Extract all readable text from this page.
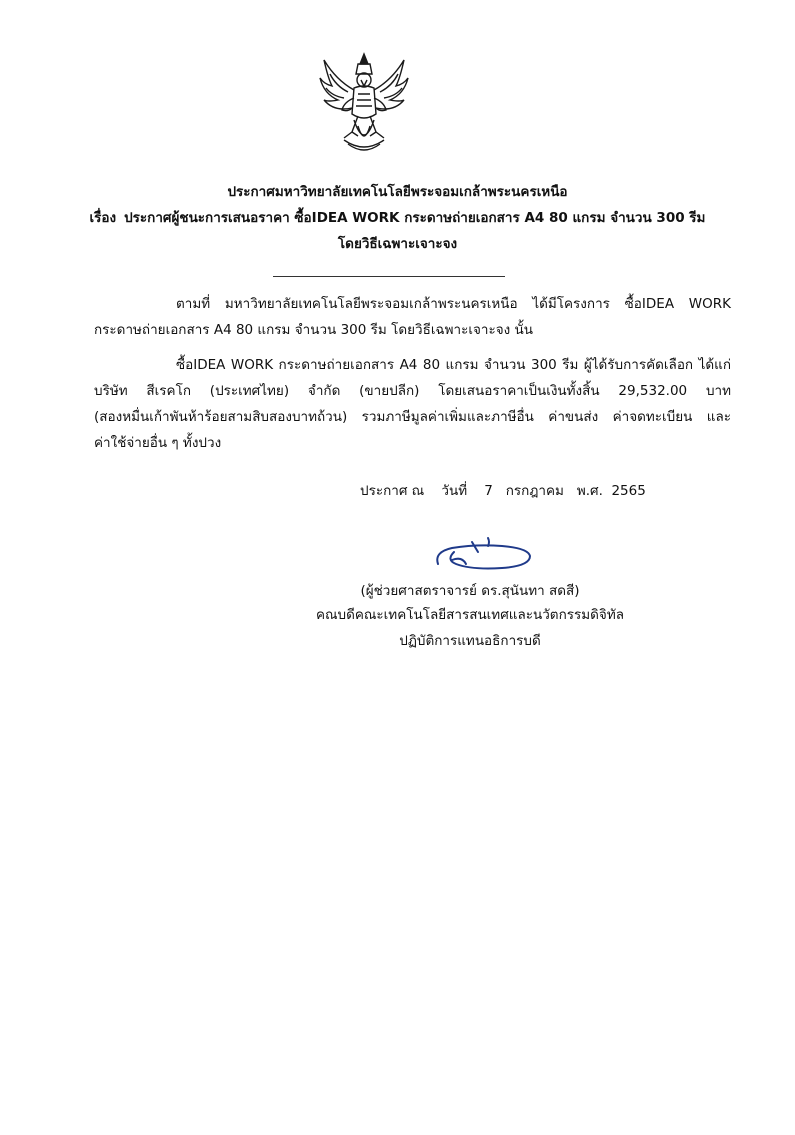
ประกาศมหาวิทยาลัยเทคโนโลยีพระจอมเกล้าพระนครเหนือ
เรื่อง ประกาศผู้ชนะการเสนอราคา ซื้อIDEA WORK กระดาษถ่ายเอกสาร A4 80 แกรม จำนวน 300 รีม
โดยวิธีเฉพาะเจาะจง
ตามที่ มหาวิทยาลัยเทคโนโลยีพระจอมเกล้าพระนครเหนือ ได้มีโครงการ ซื้อIDEA WORK
กระดาษถ่ายเอกสาร A4 80 แกรม จำนวน 300 รีม โดยวิธีเฉพาะเจาะจง นั้น
ซื้อIDEA WORK กระดาษถ่ายเอกสาร A4 80 แกรม จำนวน 300 รีม ผู้ได้รับการคัดเลือก ได้แก่
บริษัท สีเรคโก (ประเทศไทย) จำกัด (ขายปลีก) โดยเสนอราคาเป็นเงินทั้งสิ้น 29,532.00 บาท
(สองหมื่นเก้าพันห้าร้อยสามสิบสองบาทถ้วน) รวมภาษีมูลค่าเพิ่มและภาษีอื่น ค่าขนส่ง ค่าจดทะเบียน และ
ค่าใช้จ่ายอื่น ๆ ทั้งปวง
ประกาศ ณ วันที่ 7 กรกฎาคม พ.ศ. 2565
(ผู้ช่วยศาสตราจารย์ ดร.สุนันทา สดสี)
คณบดีคณะเทคโนโลยีสารสนเทศและนวัตกรรมดิจิทัล
ปฏิบัติการแทนอธิการบดี
